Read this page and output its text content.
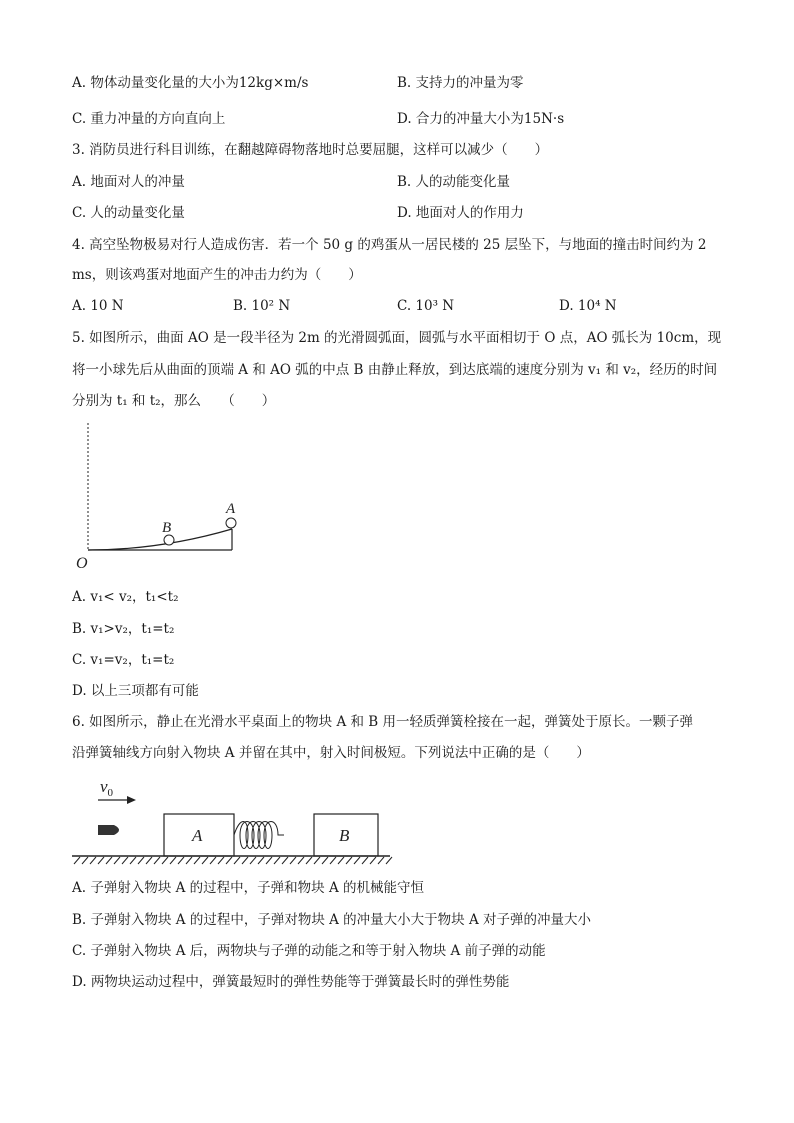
A. 物体动量变化量的大小为12kg×m/s	B. 支持力的冲量为零
C. 重力冲量的方向直向上	D. 合力的冲量大小为15N·s
3. 消防员进行科目训练，在翻越障碍物落地时总要屈腿，这样可以减少（　　）
A. 地面对人的冲量	B. 人的动能变化量
C. 人的动量变化量	D. 地面对人的作用力
4. 高空坠物极易对行人造成伤害．若一个 50 g 的鸡蛋从一居民楼的 25 层坠下，与地面的撞击时间约为 2
ms，则该鸡蛋对地面产生的冲击力约为（　　）
A. 10 N	B. 10² N	C. 10³ N	D. 10⁴ N
5. 如图所示，曲面 AO 是一段半径为 2m 的光滑圆弧面，圆弧与水平面相切于 O 点，AO 弧长为 10cm，现
将一小球先后从曲面的顶端 A 和 AO 弧的中点 B 由静止释放，到达底端的速度分别为 v₁ 和 v₂，经历的时间
分别为 t₁ 和 t₂，那么　　（　　）
B
A
O
A. v₁< v₂，t₁<t₂
B. v₁>v₂，t₁=t₂
C. v₁=v₂，t₁=t₂
D. 以上三项都有可能
6. 如图所示，静止在光滑水平桌面上的物块 A 和 B 用一轻质弹簧栓接在一起，弹簧处于原长。一颗子弹
沿弹簧轴线方向射入物块 A 并留在其中，射入时间极短。下列说法中正确的是（　　）
$v_0$
A	B
A. 子弹射入物块 A 的过程中，子弹和物块 A 的机械能守恒
B. 子弹射入物块 A 的过程中，子弹对物块 A 的冲量大小大于物块 A 对子弹的冲量大小
C. 子弹射入物块 A 后，两物块与子弹的动能之和等于射入物块 A 前子弹的动能
D. 两物块运动过程中，弹簧最短时的弹性势能等于弹簧最长时的弹性势能
